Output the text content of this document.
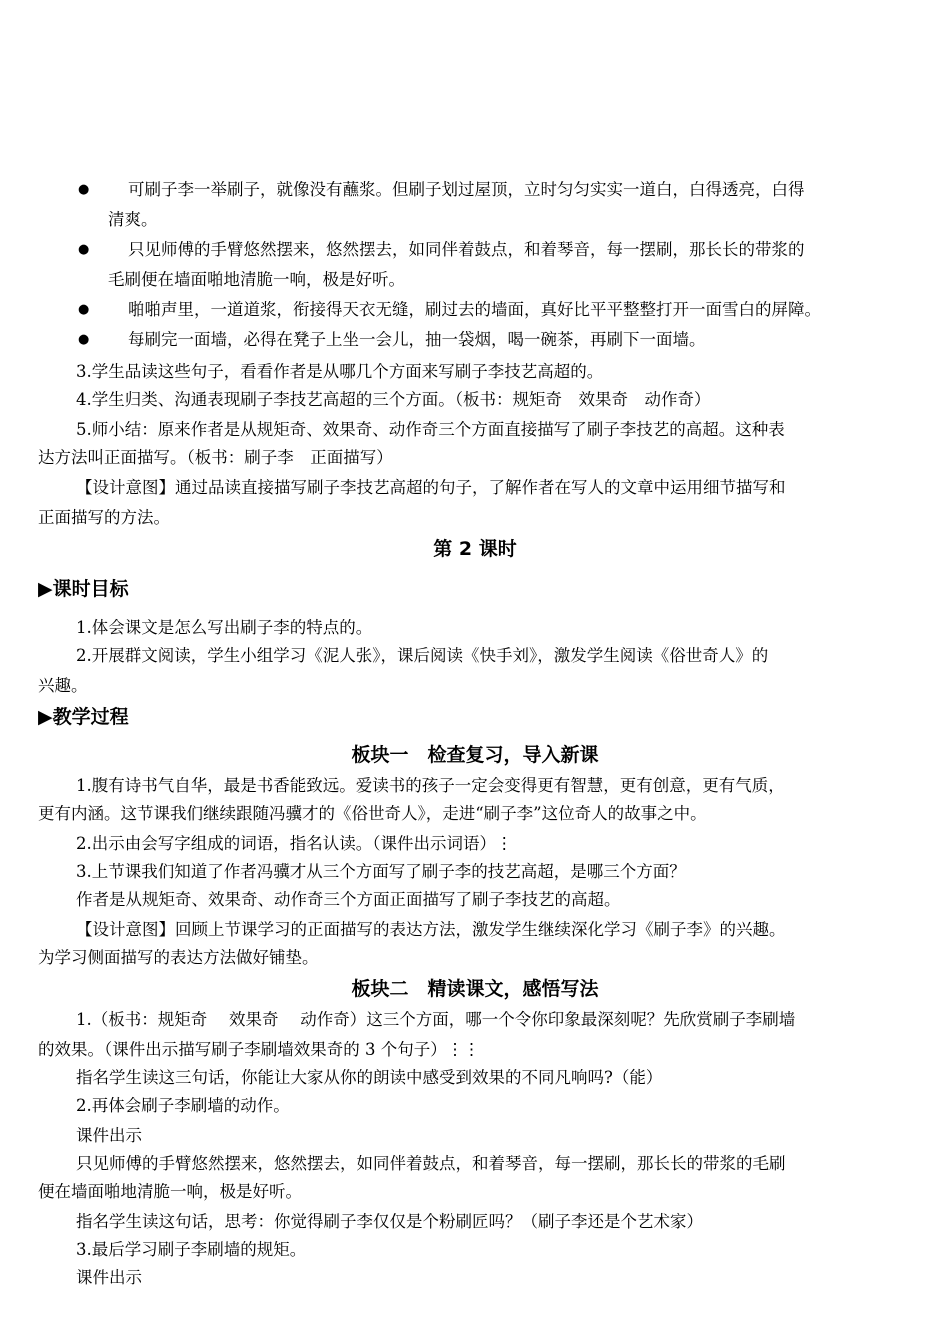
● 可刷子李一举刷子，就像没有蘸浆。但刷子划过屋顶，立时匀匀实实一道白，白得透亮，白得
清爽。
● 只见师傅的手臂悠然摆来，悠然摆去，如同伴着鼓点，和着琴音，每一摆刷，那长长的带浆的
毛刷便在墙面啪地清脆一响，极是好听。
● 啪啪声里，一道道浆，衔接得天衣无缝，刷过去的墙面，真好比平平整整打开一面雪白的屏障。
● 每刷完一面墙，必得在凳子上坐一会儿，抽一袋烟，喝一碗茶，再刷下一面墙。
3.学生品读这些句子，看看作者是从哪几个方面来写刷子李技艺高超的。
4.学生归类、沟通表现刷子李技艺高超的三个方面。（板书：规矩奇　效果奇　动作奇）
5.师小结：原来作者是从规矩奇、效果奇、动作奇三个方面直接描写了刷子李技艺的高超。这种表
达方法叫正面描写。（板书：刷子李　正面描写）
【设计意图】通过品读直接描写刷子李技艺高超的句子，了解作者在写人的文章中运用细节描写和
正面描写的方法。
第 2 课时
▶课时目标
1.体会课文是怎么写出刷子李的特点的。
2.开展群文阅读，学生小组学习《泥人张》，课后阅读《快手刘》，激发学生阅读《俗世奇人》的
兴趣。
▶教学过程
板块一　检查复习，导入新课
1.腹有诗书气自华，最是书香能致远。爱读书的孩子一定会变得更有智慧，更有创意，更有气质，
更有内涵。这节课我们继续跟随冯骥才的《俗世奇人》，走进“刷子李”这位奇人的故事之中。
2.出示由会写字组成的词语，指名认读。（课件出示词语）⋮
3.上节课我们知道了作者冯骥才从三个方面写了刷子李的技艺高超，是哪三个方面？
作者是从规矩奇、效果奇、动作奇三个方面正面描写了刷子李技艺的高超。
【设计意图】回顾上节课学习的正面描写的表达方法，激发学生继续深化学习《刷子李》的兴趣。
为学习侧面描写的表达方法做好铺垫。
板块二　精读课文，感悟写法
1.（板书：规矩奇　 效果奇　 动作奇）这三个方面，哪一个令你印象最深刻呢？先欣赏刷子李刷墙
的效果。（课件出示描写刷子李刷墙效果奇的 3 个句子）⋮⋮
指名学生读这三句话，你能让大家从你的朗读中感受到效果的不同凡响吗?（能）
2.再体会刷子李刷墙的动作。
课件出示
只见师傅的手臂悠然摆来，悠然摆去，如同伴着鼓点，和着琴音，每一摆刷，那长长的带浆的毛刷
便在墙面啪地清脆一响，极是好听。
指名学生读这句话，思考：你觉得刷子李仅仅是个粉刷匠吗？（刷子李还是个艺术家）
3.最后学习刷子李刷墙的规矩。
课件出示
